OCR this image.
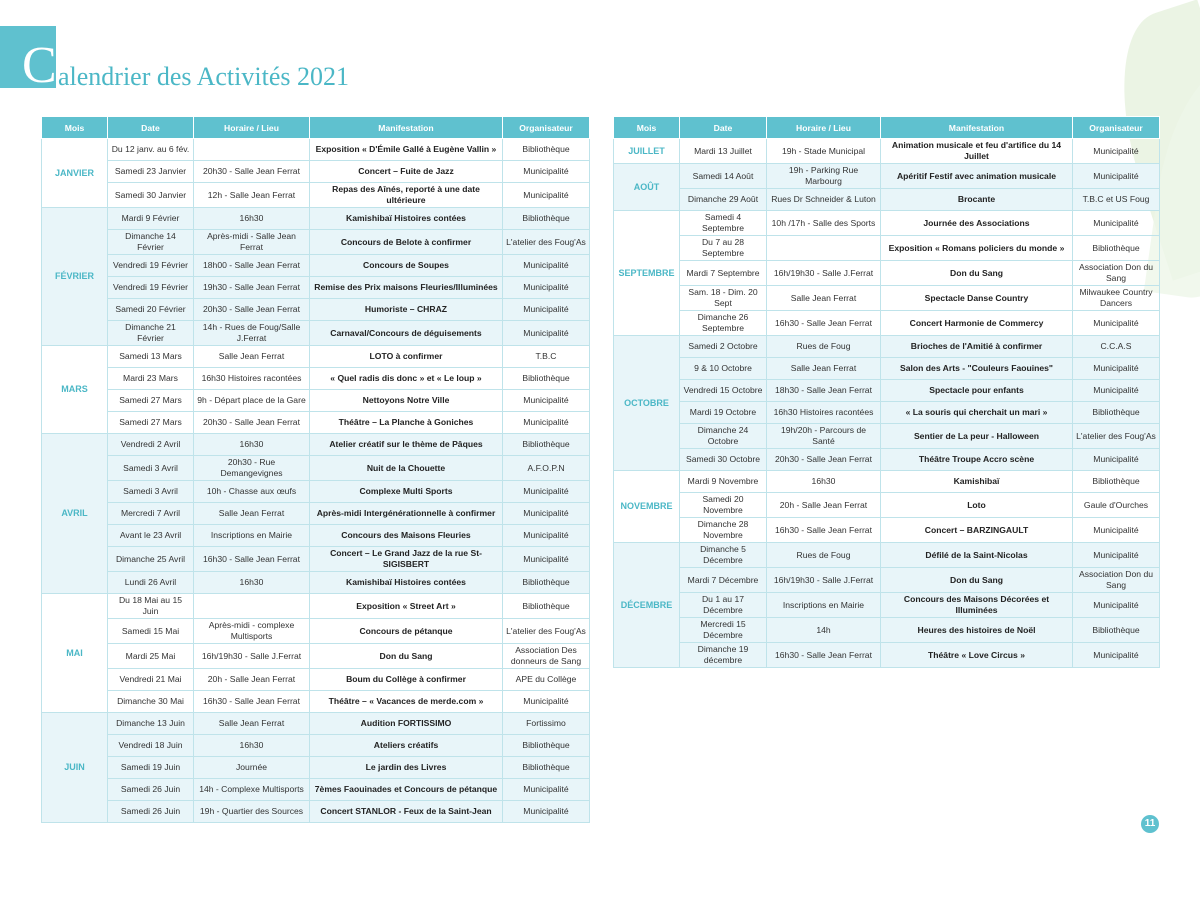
C alendrier des Activités 2021
Mois	Date	Horaire / Lieu	Manifestation	Organisateur
JANVIER	Du 12 janv. au 6 fév.		Exposition « D'Émile Gallé à Eugène Vallin »	Bibliothèque
	Samedi 23 Janvier	20h30 - Salle Jean Ferrat	Concert – Fuite de Jazz	Municipalité
	Samedi 30 Janvier	12h - Salle Jean Ferrat	Repas des Aînés, reporté à une date ultérieure	Municipalité
FÉVRIER	Mardi 9 Février	16h30	Kamishibaï Histoires contées	Bibliothèque
	Dimanche 14 Février	Après-midi - Salle Jean Ferrat	Concours de Belote à confirmer	L'atelier des Foug'As
	Vendredi 19 Février	18h00 - Salle Jean Ferrat	Concours de Soupes	Municipalité
	Vendredi 19 Février	19h30 - Salle Jean Ferrat	Remise des Prix maisons Fleuries/Illuminées	Municipalité
	Samedi 20 Février	20h30 - Salle Jean Ferrat	Humoriste – CHRAZ	Municipalité
	Dimanche 21 Février	14h - Rues de Foug/Salle J.Ferrat	Carnaval/Concours de déguisements	Municipalité
MARS	Samedi 13 Mars	Salle Jean Ferrat	LOTO à confirmer	T.B.C
	Mardi 23 Mars	16h30 Histoires racontées	« Quel radis dis donc » et « Le loup »	Bibliothèque
	Samedi 27 Mars	9h - Départ place de la Gare	Nettoyons Notre Ville	Municipalité
	Samedi 27 Mars	20h30 - Salle Jean Ferrat	Théâtre – La Planche à Goniches	Municipalité
AVRIL	Vendredi 2 Avril	16h30	Atelier créatif sur le thème de Pâques	Bibliothèque
	Samedi 3 Avril	20h30 - Rue Demangevignes	Nuit de la Chouette	A.F.O.P.N
	Samedi 3 Avril	10h - Chasse aux œufs	Complexe Multi Sports	Municipalité
	Mercredi 7 Avril	Salle Jean Ferrat	Après-midi Intergénérationnelle à confirmer	Municipalité
	Avant le 23 Avril	Inscriptions en Mairie	Concours des Maisons Fleuries	Municipalité
	Dimanche 25 Avril	16h30 - Salle Jean Ferrat	Concert – Le Grand Jazz de la rue St-SIGISBERT	Municipalité
	Lundi 26 Avril	16h30	Kamishibaï Histoires contées	Bibliothèque
MAI	Du 18 Mai au 15 Juin		Exposition « Street Art »	Bibliothèque
	Samedi 15 Mai	Après-midi - complexe Multisports	Concours de pétanque	L'atelier des Foug'As
	Mardi 25 Mai	16h/19h30 - Salle J.Ferrat	Don du Sang	Association Des donneurs de Sang
	Vendredi 21 Mai	20h - Salle Jean Ferrat	Boum du Collège à confirmer	APE du Collège
	Dimanche 30 Mai	16h30 - Salle Jean Ferrat	Théâtre – « Vacances de merde.com »	Municipalité
JUIN	Dimanche 13 Juin	Salle Jean Ferrat	Audition FORTISSIMO	Fortissimo
	Vendredi 18 Juin	16h30	Ateliers créatifs	Bibliothèque
	Samedi 19 Juin	Journée	Le jardin des Livres	Bibliothèque
	Samedi 26 Juin	14h - Complexe Multisports	7èmes Faouinades et Concours de pétanque	Municipalité
	Samedi 26 Juin	19h - Quartier des Sources	Concert STANLOR - Feux de la Saint-Jean	Municipalité
Mois	Date	Horaire / Lieu	Manifestation	Organisateur
JUILLET	Mardi 13 Juillet	19h - Stade Municipal	Animation musicale et feu d'artifice du 14 Juillet	Municipalité
AOÛT	Samedi 14 Août	19h - Parking Rue Marbourg	Apéritif Festif avec animation musicale	Municipalité
	Dimanche 29 Août	Rues Dr Schneider & Luton	Brocante	T.B.C et US Foug
SEPTEMBRE	Samedi 4 Septembre	10h /17h - Salle des Sports	Journée des Associations	Municipalité
	Du 7 au 28 Septembre		Exposition « Romans policiers du monde »	Bibliothèque
	Mardi 7 Septembre	16h/19h30 - Salle J.Ferrat	Don du Sang	Association Don du Sang
	Sam. 18 - Dim. 20 Sept	Salle Jean Ferrat	Spectacle Danse Country	Milwaukee Country Dancers
	Dimanche 26 Septembre	16h30 - Salle Jean Ferrat	Concert Harmonie de Commercy	Municipalité
OCTOBRE	Samedi 2 Octobre	Rues de Foug	Brioches de l'Amitié à confirmer	C.C.A.S
	9 & 10 Octobre	Salle Jean Ferrat	Salon des Arts - "Couleurs Faouines"	Municipalité
	Vendredi 15 Octobre	18h30 - Salle Jean Ferrat	Spectacle pour enfants	Municipalité
	Mardi 19 Octobre	16h30 Histoires racontées	« La souris qui cherchait un mari »	Bibliothèque
	Dimanche 24 Octobre	19h/20h - Parcours de Santé	Sentier de La peur - Halloween	L'atelier des Foug'As
	Samedi 30 Octobre	20h30 - Salle Jean Ferrat	Théâtre Troupe Accro scène	Municipalité
NOVEMBRE	Mardi 9 Novembre	16h30	Kamishibaï	Bibliothèque
	Samedi 20 Novembre	20h - Salle Jean Ferrat	Loto	Gaule d'Ourches
	Dimanche 28 Novembre	16h30 - Salle Jean Ferrat	Concert – BARZINGAULT	Municipalité
DÉCEMBRE	Dimanche 5 Décembre	Rues de Foug	Défilé de la Saint-Nicolas	Municipalité
	Mardi 7 Décembre	16h/19h30 - Salle J.Ferrat	Don du Sang	Association Don du Sang
	Du 1 au 17 Décembre	Inscriptions en Mairie	Concours des Maisons Décorées et Illuminées	Municipalité
	Mercredi 15 Décembre	14h	Heures des histoires de Noël	Bibliothèque
	Dimanche 19 décembre	16h30 - Salle Jean Ferrat	Théâtre « Love Circus »	Municipalité
11
